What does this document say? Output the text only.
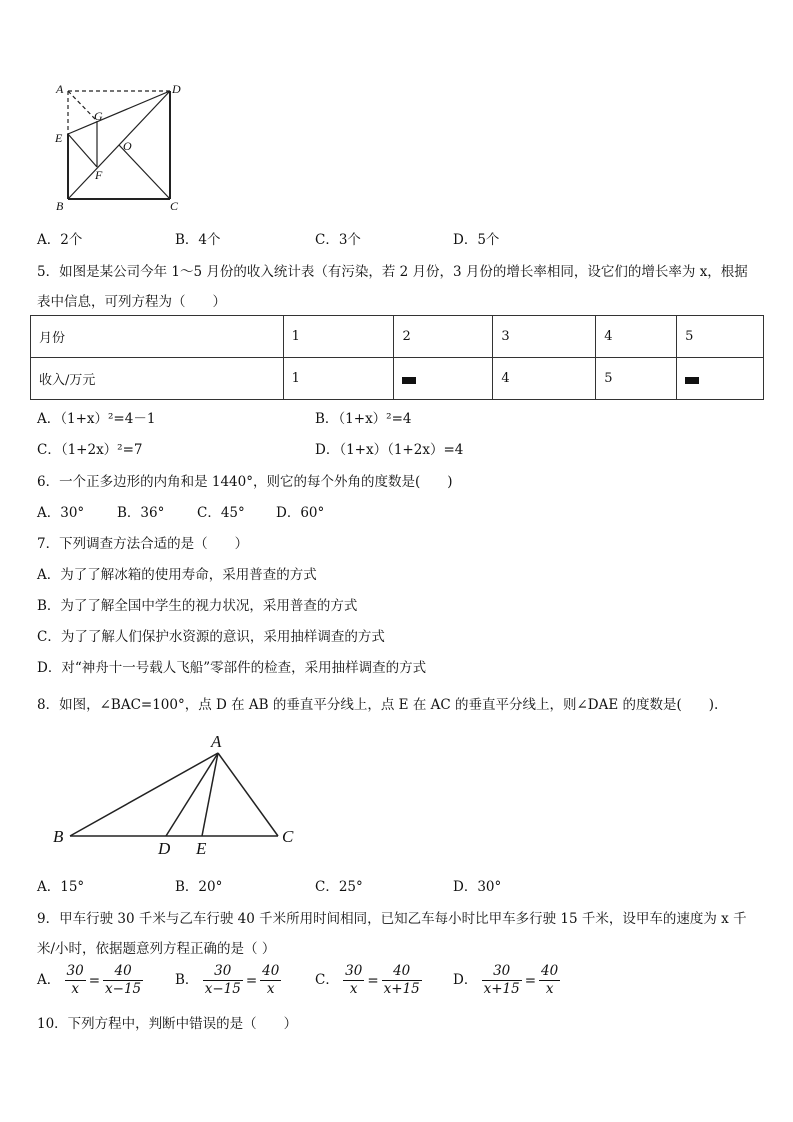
A	D
G
E
O
F
B	C
A．2个	B．4个	C．3个	D．5个
5．如图是某公司今年 1～5 月份的收入统计表（有污染，若 2 月份，3 月份的增长率相同，设它们的增长率为 x，根据
表中信息，可列方程为（　　）
月份	1	2	3	4	5
收入/万元	1		4	5	
A．（1+x）²=4－1	B．（1+x）²=4
C．（1+2x）²=7	D．（1+x）（1+2x）=4
6．一个正多边形的内角和是 1440°，则它的每个外角的度数是(　　)
A．30° B．36° C．45° D．60°
7．下列调查方法合适的是（　　）
A．为了了解冰箱的使用寿命，采用普查的方式
B．为了了解全国中学生的视力状况，采用普查的方式
C．为了了解人们保护水资源的意识，采用抽样调查的方式
D．对“神舟十一号载人飞船”零部件的检查，采用抽样调查的方式
8．如图，∠BAC=100°，点 D 在 AB 的垂直平分线上，点 E 在 AC 的垂直平分线上，则∠DAE 的度数是(　　).
A
B	C
D E
A．15°	B．20°	C．25°	D．30°
9．甲车行驶 30 千米与乙车行驶 40 千米所用时间相同，已知乙车每小时比甲车多行驶 15 千米，设甲车的速度为 x 千
米/小时，依据题意列方程正确的是（ ）
A． $\frac{30}{x} = \frac{40}{x-15}$ B． $\frac{30}{x-15} = \frac{40}{x}$ C． $\frac{30}{x} = \frac{40}{x+15}$ D． $\frac{30}{x+15} = \frac{40}{x}$
10．下列方程中，判断中错误的是（　　）
